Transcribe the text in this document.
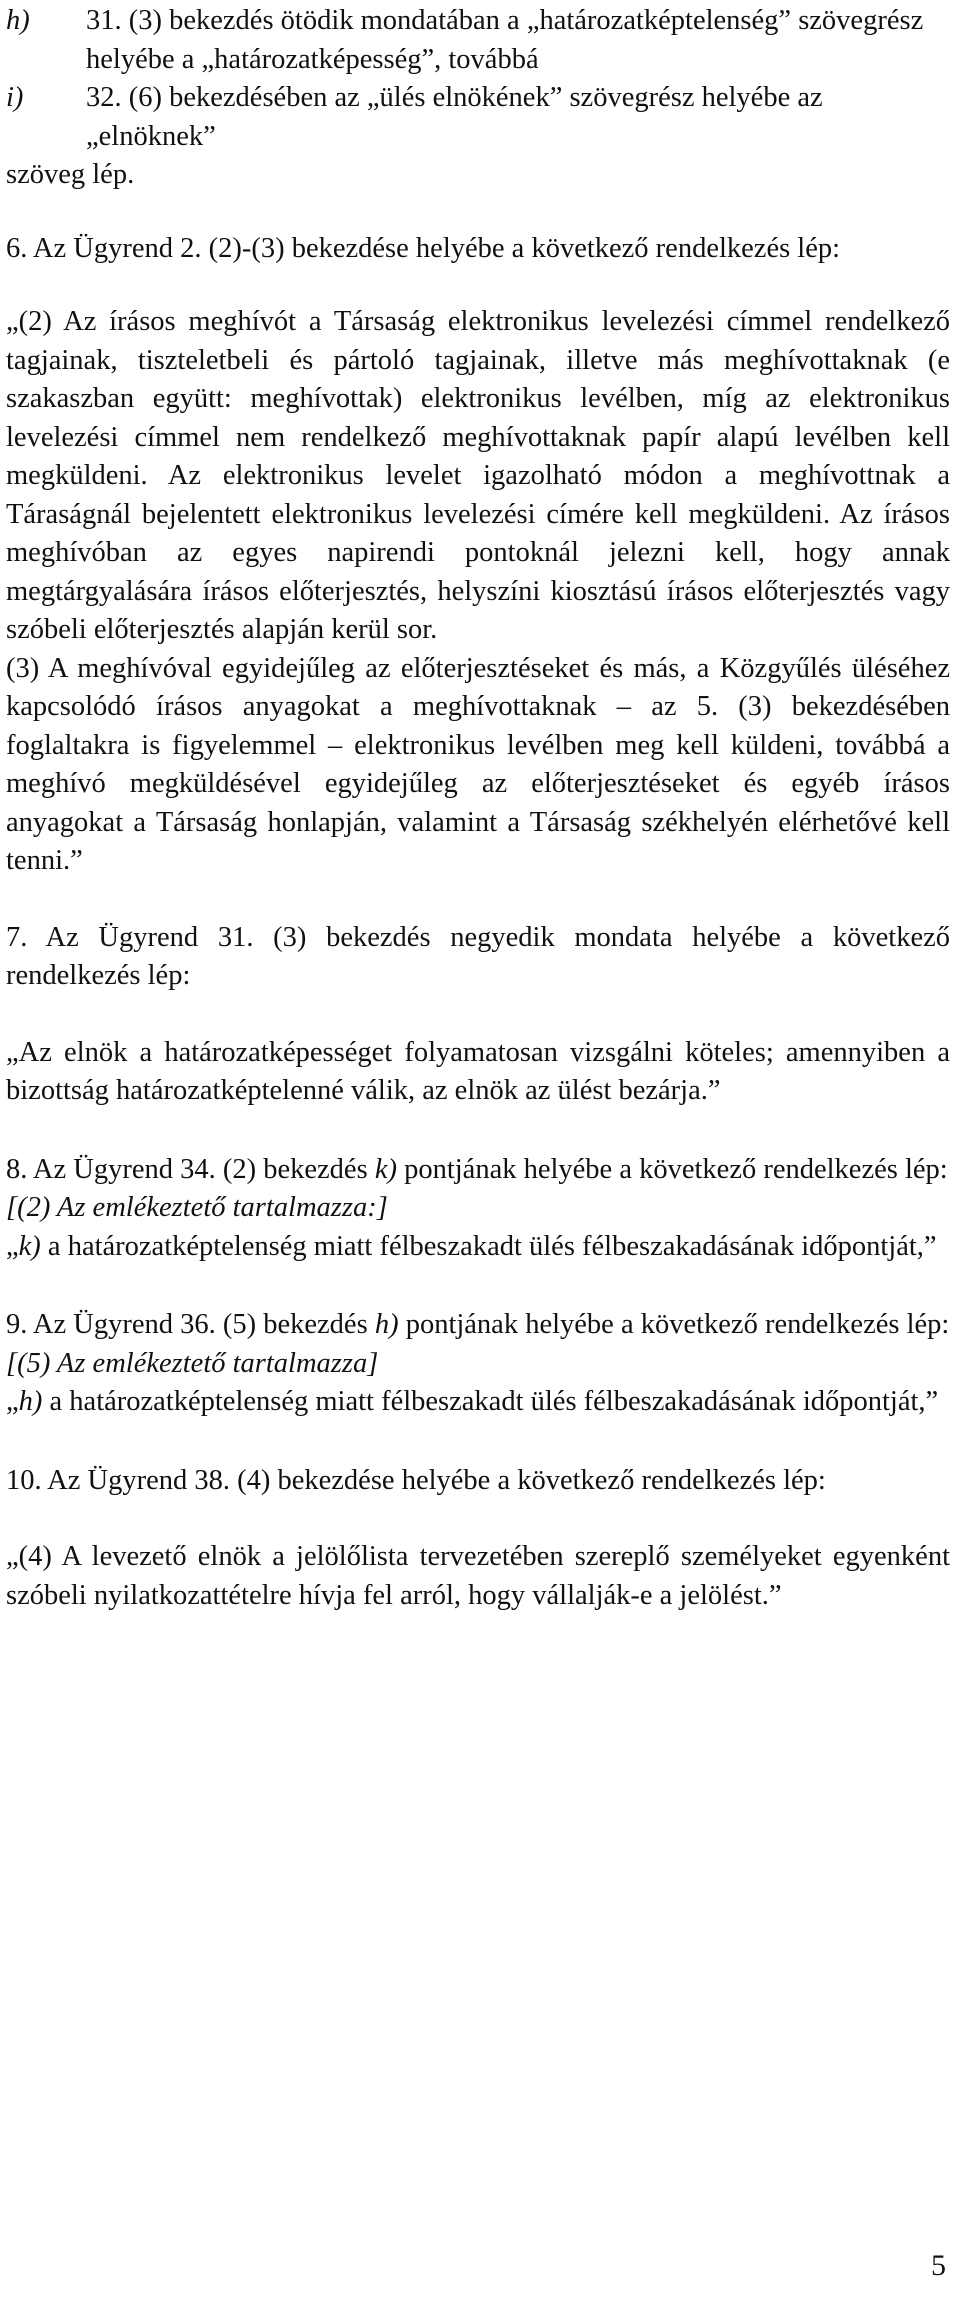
h)	31. (3) bekezdés ötödik mondatában a „határozatképtelenség” szövegrész helyébe a „határozatképesség”, továbbá
i)	32. (6) bekezdésében az „ülés elnökének” szövegrész helyébe az „elnöknek”

szöveg lép.

6. Az Ügyrend 2. (2)-(3) bekezdése helyébe a következő rendelkezés lép:

„(2) Az írásos meghívót a Társaság elektronikus levelezési címmel rendelkező tagjainak, tiszteletbeli és pártoló tagjainak, illetve más meghívottaknak (e szakaszban együtt: meghívottak) elektronikus levélben, míg az elektronikus levelezési címmel nem rendelkező meghívottaknak papír alapú levélben kell megküldeni. Az elektronikus levelet igazolható módon a meghívottnak a Táraságnál bejelentett elektronikus levelezési címére kell megküldeni. Az írásos meghívóban az egyes napirendi pontoknál jelezni kell, hogy annak megtárgyalására írásos előterjesztés, helyszíni kiosztású írásos előterjesztés vagy szóbeli előterjesztés alapján kerül sor.

(3) A meghívóval egyidejűleg az előterjesztéseket és más, a Közgyűlés üléséhez kapcsolódó írásos anyagokat a meghívottaknak – az 5. (3) bekezdésében foglaltakra is figyelemmel – elektronikus levélben meg kell küldeni, továbbá a meghívó megküldésével egyidejűleg az előterjesztéseket és egyéb írásos anyagokat a Társaság honlapján, valamint a Társaság székhelyén elérhetővé kell tenni.”

7. Az Ügyrend 31. (3) bekezdés negyedik mondata helyébe a következő rendelkezés lép:

„Az elnök a határozatképességet folyamatosan vizsgálni köteles; amennyiben a bizottság határozatképtelenné válik, az elnök az ülést bezárja.”

8. Az Ügyrend 34. (2) bekezdés k) pontjának helyébe a következő rendelkezés lép:

[(2) Az emlékeztető tartalmazza:]

„k) a határozatképtelenség miatt félbeszakadt ülés félbeszakadásának időpontját,”

9. Az Ügyrend 36. (5) bekezdés h) pontjának helyébe a következő rendelkezés lép:

[(5) Az emlékeztető tartalmazza]

„h) a határozatképtelenség miatt félbeszakadt ülés félbeszakadásának időpontját,”

10. Az Ügyrend 38. (4) bekezdése helyébe a következő rendelkezés lép:

„(4) A levezető elnök a jelölőlista tervezetében szereplő személyeket egyenként szóbeli nyilatkozattételre hívja fel arról, hogy vállalják-e a jelölést.”

5
